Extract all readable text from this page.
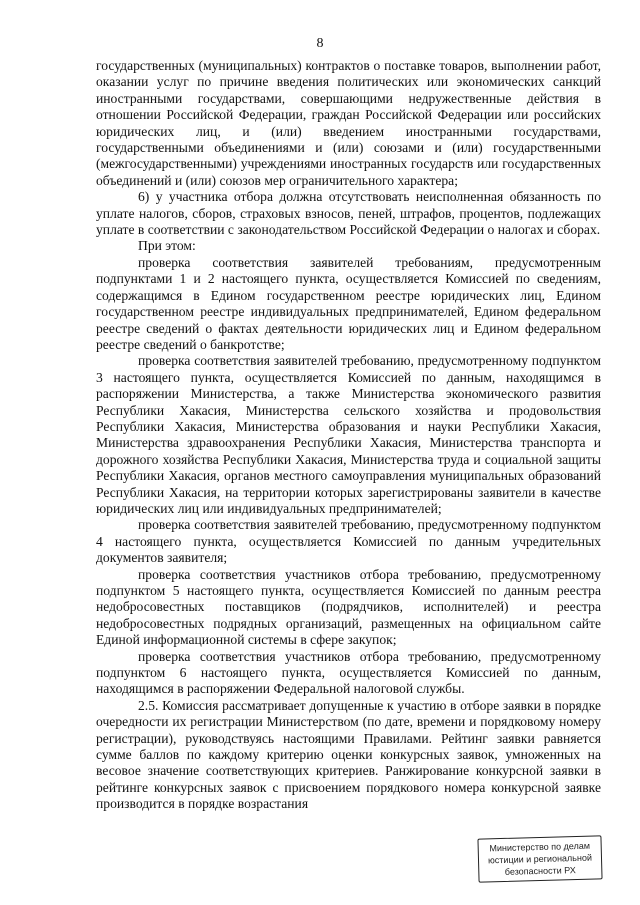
8

государственных (муниципальных) контрактов о поставке товаров, выполнении работ, оказании услуг по причине введения политических или экономических санкций иностранными государствами, совершающими недружественные действия в отношении Российской Федерации, граждан Российской Федерации или российских юридических лиц, и (или) введением иностранными государствами, государственными объединениями и (или) союзами и (или) государственными (межгосударственными) учреждениями иностранных государств или государственных объединений и (или) союзов мер ограничительного характера;

6) у участника отбора должна отсутствовать неисполненная обязанность по уплате налогов, сборов, страховых взносов, пеней, штрафов, процентов, подлежащих уплате в соответствии с законодательством Российской Федерации о налогах и сборах.

При этом:

проверка соответствия заявителей требованиям, предусмотренным подпунктами 1 и 2 настоящего пункта, осуществляется Комиссией по сведениям, содержащимся в Едином государственном реестре юридических лиц, Едином государственном реестре индивидуальных предпринимателей, Едином федеральном реестре сведений о фактах деятельности юридических лиц и Едином федеральном реестре сведений о банкротстве;

проверка соответствия заявителей требованию, предусмотренному подпунктом 3 настоящего пункта, осуществляется Комиссией по данным, находящимся в распоряжении Министерства, а также Министерства экономического развития Республики Хакасия, Министерства сельского хозяйства и продовольствия Республики Хакасия, Министерства образования и науки Республики Хакасия, Министерства здравоохранения Республики Хакасия, Министерства транспорта и дорожного хозяйства Республики Хакасия, Министерства труда и социальной защиты Республики Хакасия, органов местного самоуправления муниципальных образований Республики Хакасия, на территории которых зарегистрированы заявители в качестве юридических лиц или индивидуальных предпринимателей;

проверка соответствия заявителей требованию, предусмотренному подпунктом 4 настоящего пункта, осуществляется Комиссией по данным учредительных документов заявителя;

проверка соответствия участников отбора требованию, предусмотренному подпунктом 5 настоящего пункта, осуществляется Комиссией по данным реестра недобросовестных поставщиков (подрядчиков, исполнителей) и реестра недобросовестных подрядных организаций, размещенных на официальном сайте Единой информационной системы в сфере закупок;

проверка соответствия участников отбора требованию, предусмотренному подпунктом 6 настоящего пункта, осуществляется Комиссией по данным, находящимся в распоряжении Федеральной налоговой службы.

2.5. Комиссия рассматривает допущенные к участию в отборе заявки в порядке очередности их регистрации Министерством (по дате, времени и порядковому номеру регистрации), руководствуясь настоящими Правилами. Рейтинг заявки равняется сумме баллов по каждому критерию оценки конкурсных заявок, умноженных на весовое значение соответствующих критериев. Ранжирование конкурсной заявки в рейтинге конкурсных заявок с присвоением порядкового номера конкурсной заявке производится в порядке возрастания

Министерство по делам
юстиции и региональной
безопасности РХ
